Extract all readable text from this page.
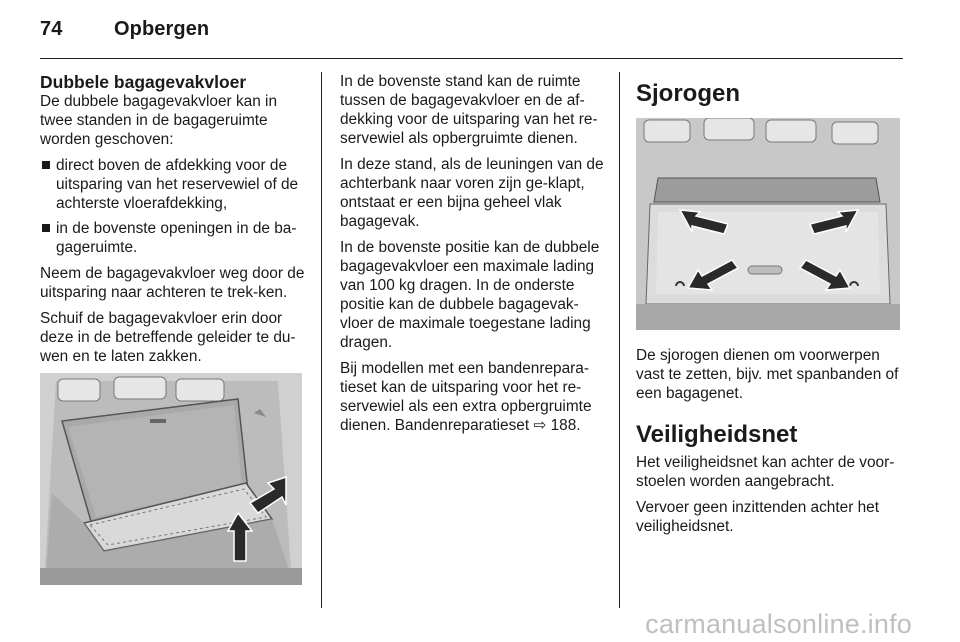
74	Opbergen
Dubbele bagagevakvloer

De dubbele bagagevakvloer kan in twee standen in de bagageruimte worden geschoven:

direct boven de afdekking voor de uitsparing van het reservewiel of de achterste vloerafdekking,
in de bovenste openingen in de ba-gageruimte.

Neem de bagagevakvloer weg door de uitsparing naar achteren te trek-ken.

Schuif de bagagevakvloer erin door deze in de betreffende geleider te du-wen en te laten zakken.

In de bovenste stand kan de ruimte tussen de bagagevakvloer en de af-dekking voor de uitsparing van het re-servewiel als opbergruimte dienen.

In deze stand, als de leuningen van de achterbank naar voren zijn ge-klapt, ontstaat er een bijna geheel vlak bagagevak.

In de bovenste positie kan de dubbele bagagevakvloer een maximale lading van 100 kg dragen. In de onderste positie kan de dubbele bagagevak-vloer de maximale toegestane lading dragen.

Bij modellen met een bandenrepara-tieset kan de uitsparing voor het re-servewiel als een extra opbergruimte dienen. Bandenreparatieset ⇨ 188.

Sjorogen

De sjorogen dienen om voorwerpen vast te zetten, bijv. met spanbanden of een bagagenet.

Veiligheidsnet

Het veiligheidsnet kan achter de voor-stoelen worden aangebracht.

Vervoer geen inzittenden achter het veiligheidsnet.

carmanualsonline.info
